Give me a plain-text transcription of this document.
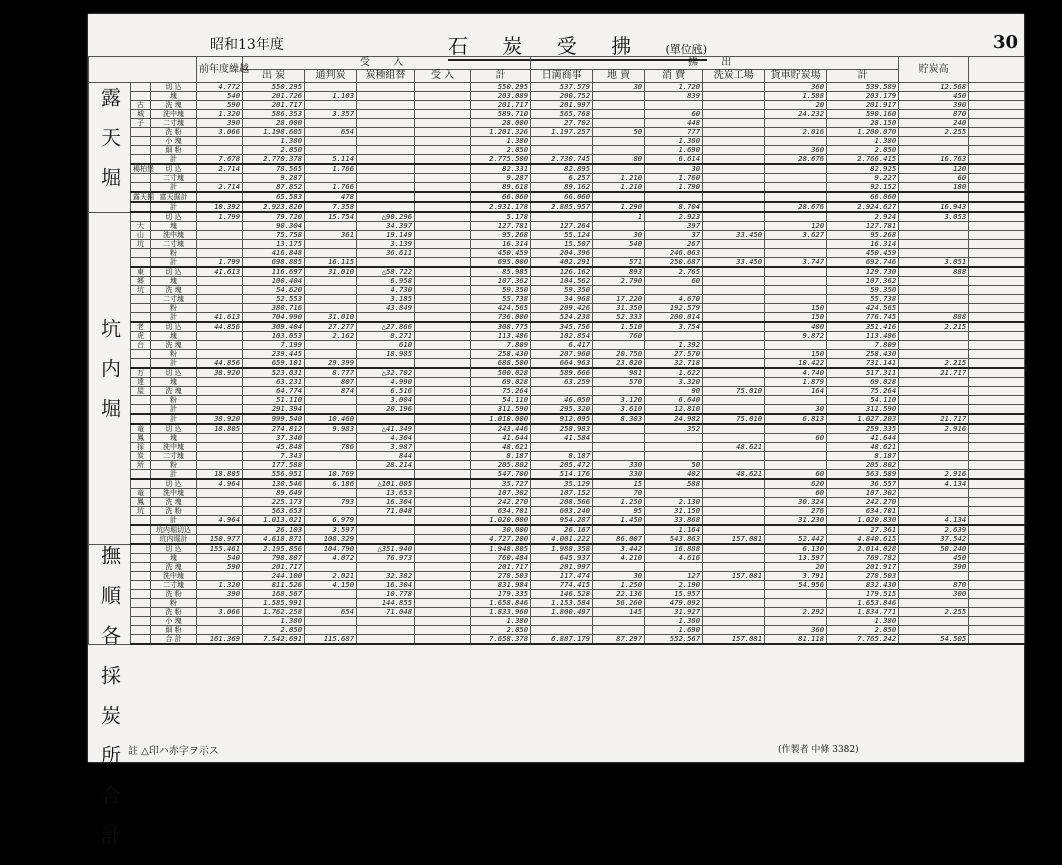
30
昭和13年度	石 炭 受 拂 (單位瓲)
			前年度繰越	受 入					拂 出						貯炭高	
				出 炭	通判炭	炭種組替	受 入	計	日満商事	地 賣	消 費	洗炭工場	貨車貯炭場	計		
露天堀		切 込	4.772	550.295				550.295	537.579	30	1.720		360	539.589	12.568	
		塊	540	201.726	1.103			203.089	200.752		839		1.588	203.179	450	
	古	洗 塊	590	201.717				201.717	201.997				20	201.917	390	
	城	洗中塊	1.320	586.353	3.357			589.710	565.768		60		24.232	590.160	870	
	子	二寸塊	390	28.000				28.000	27.702		448			28.150	240	
		洗 粉	3.066	1.198.605	654			1.201.326	1.197.257	50	777		2.016	1.200.070	2.255	
		小 塊		1.380				1.380			1.380			1.380		
		細 粉		2.050				2.050			1.690		360	2.050		
		計	7.678	2.770.378	5.114			2.775.500	2.730.745	80	6.614		28.676	2.766.415	16.763	
	楊柏堡	切 込	2.714	78.565	1.766			82.331	82.895		30			82.925	120	
		二寸塊		9.287				9.287	6.257	1.210	1.760			9.227	60	
		計	2.714	87.852	1.766			89.618	89.162	1.210	1.790			92.152	180	
	露天掘	富天掘計		65.583	478			66.060	66.060					66.060		
		計	10.392	2.923.820	7.358			2.931.178	2.885.957	1.290	8.704		28.676	2.924.627	16.943	
坑内堀		切 込	1.799	79.720	15.754	△90.296		5.178		1	2.923			2.924	3.053	
	大	塊		90.304		34.397		127.781	127.264		397		120	127.781		
	山	洗中塊		75.758	361	19.149		95.268	55.124	30	37	33.450	3.627	95.268		
	坑	二寸塊		13.175		3.139		16.314	15.507	540	267			16.314		
		粉		416.848		36.611		450.459	204.396		246.063			450.459		
		計	1.799	698.885	16.115			695.000	402.291	571	250.687	33.450	3.747	692.746	3.051	
	東	切 込	41.613	116.697	31.010	△58.722		85.985	126.162	893	2.765			129.730	888	
	郷	塊		100.404		6.958		107.362	104.562	2.790	60			107.362		
	坑	洗 塊		54.620		4.730		59.350	59.350					59.350		
		二寸塊		52.553		3.185		55.738	34.968	17.220	4.670			55.738		
		粉		380.716		43.849		424.565	209.426	31.350	192.579		150	424.565		
		計	41.613	704.990	31.010			736.000	524.238	52.333	200.014		150	776.745	888	
	老	切 込	44.856	309.404	27.277	△27.866		308.775	345.756	1.510	3.754		400	351.416	2.215	
	虎	塊		103.053	2.162	8.271		113.486	102.854	760			9.872	113.486		
	台	洗 塊		7.199		610		7.809	6.417		1.392			7.809		
		粉		239.445		18.985		258.430	207.960	20.750	27.570		150	258.430		
		計	44.856	659.101	29.399			688.500	664.963	23.020	32.718		10.422	731.141	2.215	
	万	切 込	38.920	523.031	8.777	△32.702		500.028	589.666	981	1.622		4.740	517.311	21.717	
	達	塊		63.231	807	4.990		69.028	63.259	570	3.320		1.879	69.028		
	屋	洗 塊		64.774	874	6.516		75.264			90	75.010	164	75.264		
		粉		51.110		3.004		54.110	46.050	3.120	6.640			54.110		
		計		291.394		20.196		311.590	295.320	3.610	12.810		30	311.590		
		計	38.920	999.540	10.460			1.010.000	912.095	8.303	24.982	75.010	6.813	1.027.203	21.717	
	竜	切 込	18.805	274.812	9.983	△41.349		243.446	258.983		352			259.335	2.916	
	鳳	塊		37.340		4.304		41.644	41.584				60	41.644		
	採	洗中塊		45.848	786	3.987		48.621				48.621		48.621		
	炭	二寸塊		7.343		844		8.187	8.187					8.187		
	所	粉		177.588		28.214		205.802	205.472	330	50			205.802		
		計	18.805	556.951	10.769			547.700	514.176	330	402	48.621	60	563.589	2.916	
		切 込	4.964	130.546	6.186	△101.005		35.727	35.129	15	588		620	36.557	4.134	
	竜	洗中塊		89.649		13.653		107.302	107.152	70			60	107.302		
	鳳	洗 塊		225.173	793	16.304		242.270	208.566	1.250	2.130		30.324	242.270		
	坑	洗 粉		563.653		71.048		634.701	603.240	95	31.150		276	634.701		
		計	4.964	1.013.021	6.979			1.020.000	954.287	1.450	33.868		31.230	1.020.830	4.134	
		坑内堀切込		26.103	3.597			30.000	26.167		1.164			27.361	2.639	
		坑内堀計	150.977	4.618.871	108.329			4.727.200	4.001.222	86.007	543.863	157.081	52.442	4.840.615	37.542	
撫順各採炭所合計		切 込	155.461	2.195.856	104.790	△351.940		1.948.805	1.988.358	3.442	16.888		6.130	2.014.028	50.240	
		塊	540	798.807	4.072	76.973		760.484	645.937	4.210	4.616		13.597	769.782	450	
		洗 塊	590	201.717				201.717	201.997				20	201.917	390	
		洗中塊		244.100	2.021	32.382		278.503	117.474	30	127	157.081	3.791	278.503		
		二寸塊	1.320	811.526	4.150	16.304		831.984	774.415	1.250	2.190		54.956	832.430	870	
		洗 粉	390	168.567		10.778		179.335	146.528	22.136	15.957			179.515	300	
		粉		1.585.991		144.855		1.658.846	1.153.584	56.260	479.092			1.653.846		
		洗 粉	3.066	1.762.258	654	71.048		1.833.960	1.800.497	145	31.927		2.292	1.834.771	2.255	
		小 塊		1.380				1.380			1.380			1.380		
		細 粉		2.050				2.050			1.690		360	2.050		
		合 計	161.369	7.542.691	115.687			7.658.378	6.887.179	87.297	552.567	157.081	81.118	7.765.242	54.505	
註 △印ハ赤字ヲ示ス	(作製者 中條 3382)
